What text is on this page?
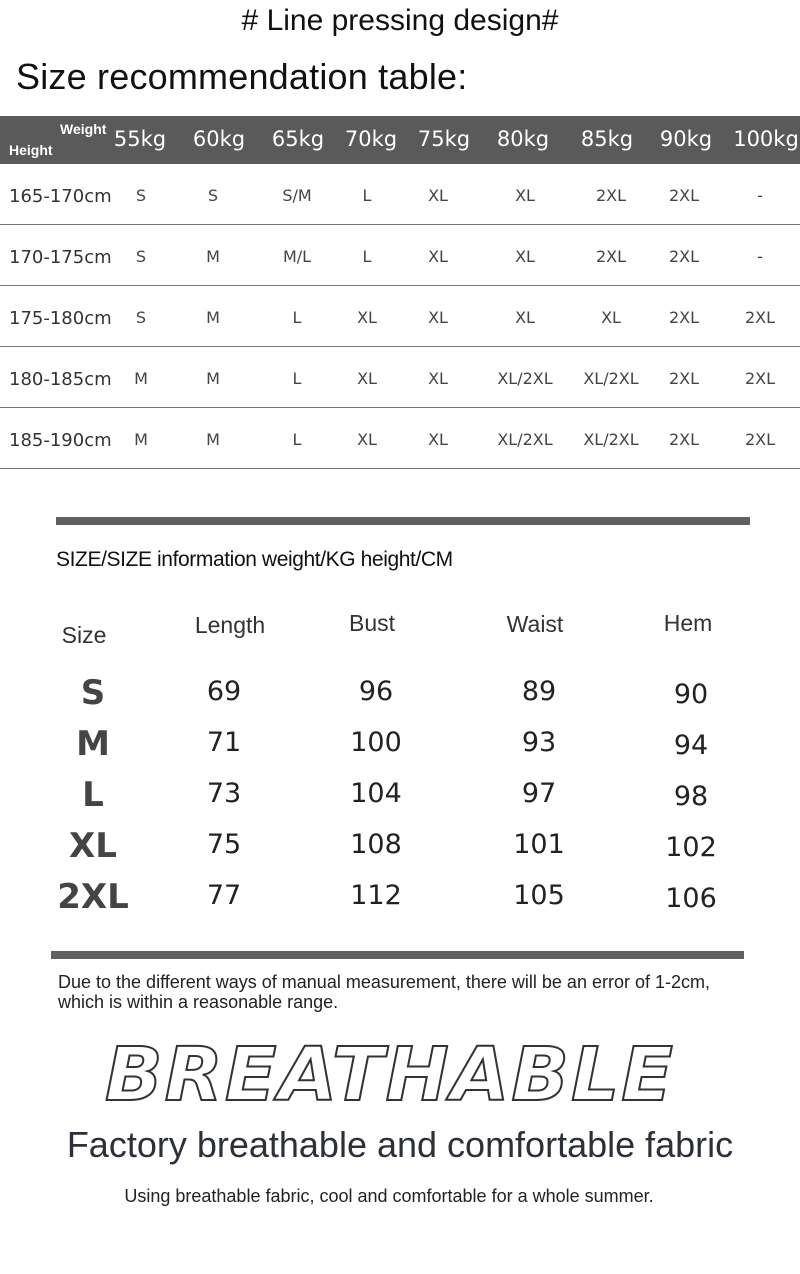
# Line pressing design#
Size recommendation table:
Weight
Height	55kg 60kg 65kg 70kg 75kg 80kg 85kg 90kg 100kg
165-170cm S	S	S/M	L	XL	XL	2XL	2XL	-
170-175cm S	M	M/L	L	XL	XL	2XL	2XL	-
175-180cm S	M	L	XL	XL	XL	XL	2XL	2XL
180-185cm M	M	L	XL	XL	XL/2XL XL/2XL 2XL	2XL
185-190cm M	M	L	XL	XL	XL/2XL XL/2XL 2XL	2XL
SIZE/SIZE information weight/KG height/CM
Size	Length	Bust	Waist	Hem
S	69	96	89	90
M	71	100	93	94
L	73	104	97	98
XL	75	108	101	102
2XL	77	112	105	106
Due to the different ways of manual measurement, there will be an error of 1-2cm, which is within a reasonable range.
BREATHABLE
Factory breathable and comfortable fabric
Using breathable fabric, cool and comfortable for a whole summer.
